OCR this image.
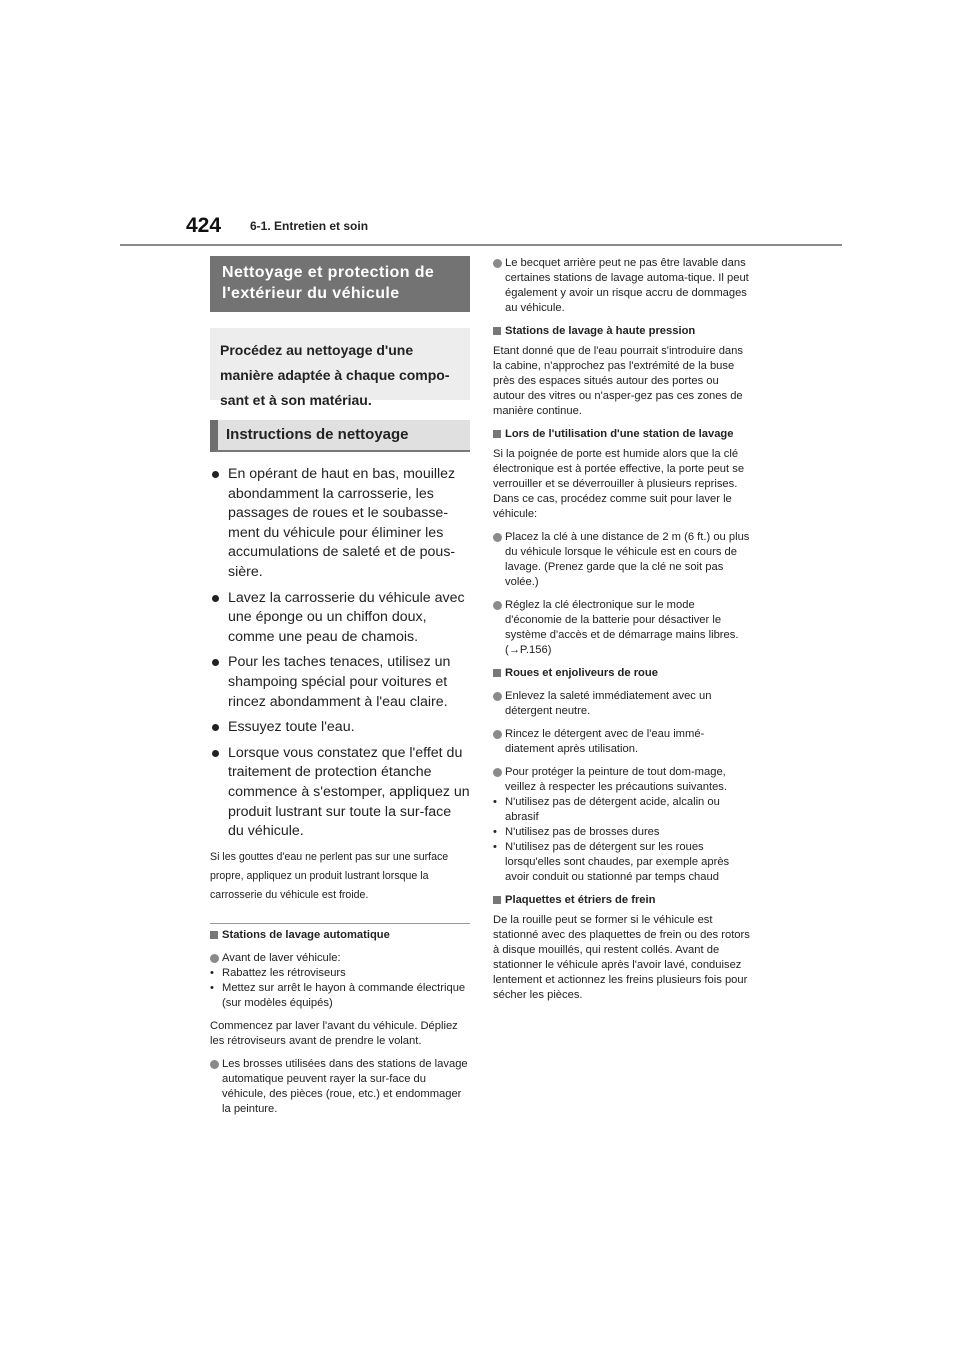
424 6-1. Entretien et soin
Nettoyage et protection de l'extérieur du véhicule
Procédez au nettoyage d'une manière adaptée à chaque compo-sant et à son matériau.
Instructions de nettoyage
En opérant de haut en bas, mouillez abondamment la carrosserie, les passages de roues et le soubasse-ment du véhicule pour éliminer les accumulations de saleté et de pous-sière.
Lavez la carrosserie du véhicule avec une éponge ou un chiffon doux, comme une peau de chamois.
Pour les taches tenaces, utilisez un shampoing spécial pour voitures et rincez abondamment à l'eau claire.
Essuyez toute l'eau.
Lorsque vous constatez que l'effet du traitement de protection étanche commence à s'estomper, appliquez un produit lustrant sur toute la sur-face du véhicule.
Si les gouttes d'eau ne perlent pas sur une surface propre, appliquez un produit lustrant lorsque la carrosserie du véhicule est froide.
Stations de lavage automatique
Avant de laver véhicule:
• Rabattez les rétroviseurs
• Mettez sur arrêt le hayon à commande électrique (sur modèles équipés)
Commencez par laver l'avant du véhicule. Dépliez les rétroviseurs avant de prendre le volant.
Les brosses utilisées dans des stations de lavage automatique peuvent rayer la sur-face du véhicule, des pièces (roue, etc.) et endommager la peinture.
Le becquet arrière peut ne pas être lavable dans certaines stations de lavage automa-tique. Il peut également y avoir un risque accru de dommages au véhicule.
Stations de lavage à haute pression
Etant donné que de l'eau pourrait s'introduire dans la cabine, n'approchez pas l'extrémité de la buse près des espaces situés autour des portes ou autour des vitres ou n'asper-gez pas ces zones de manière continue.
Lors de l'utilisation d'une station de lavage
Si la poignée de porte est humide alors que la clé électronique est à portée effective, la porte peut se verrouiller et se déverrouiller à plusieurs reprises. Dans ce cas, procédez comme suit pour laver le véhicule:
Placez la clé à une distance de 2 m (6 ft.) ou plus du véhicule lorsque le véhicule est en cours de lavage. (Prenez garde que la clé ne soit pas volée.)
Réglez la clé électronique sur le mode d'économie de la batterie pour désactiver le système d'accès et de démarrage mains libres.(→P.156)
Roues et enjoliveurs de roue
Enlevez la saleté immédiatement avec un détergent neutre.
Rincez le détergent avec de l'eau immé-diatement après utilisation.
Pour protéger la peinture de tout dom-mage, veillez à respecter les précautions suivantes.
• N'utilisez pas de détergent acide, alcalin ou abrasif
• N'utilisez pas de brosses dures
• N'utilisez pas de détergent sur les roues lorsqu'elles sont chaudes, par exemple après avoir conduit ou stationné par temps chaud
Plaquettes et étriers de frein
De la rouille peut se former si le véhicule est stationné avec des plaquettes de frein ou des rotors à disque mouillés, qui restent collés. Avant de stationner le véhicule après l'avoir lavé, conduisez lentement et actionnez les freins plusieurs fois pour sécher les pièces.
